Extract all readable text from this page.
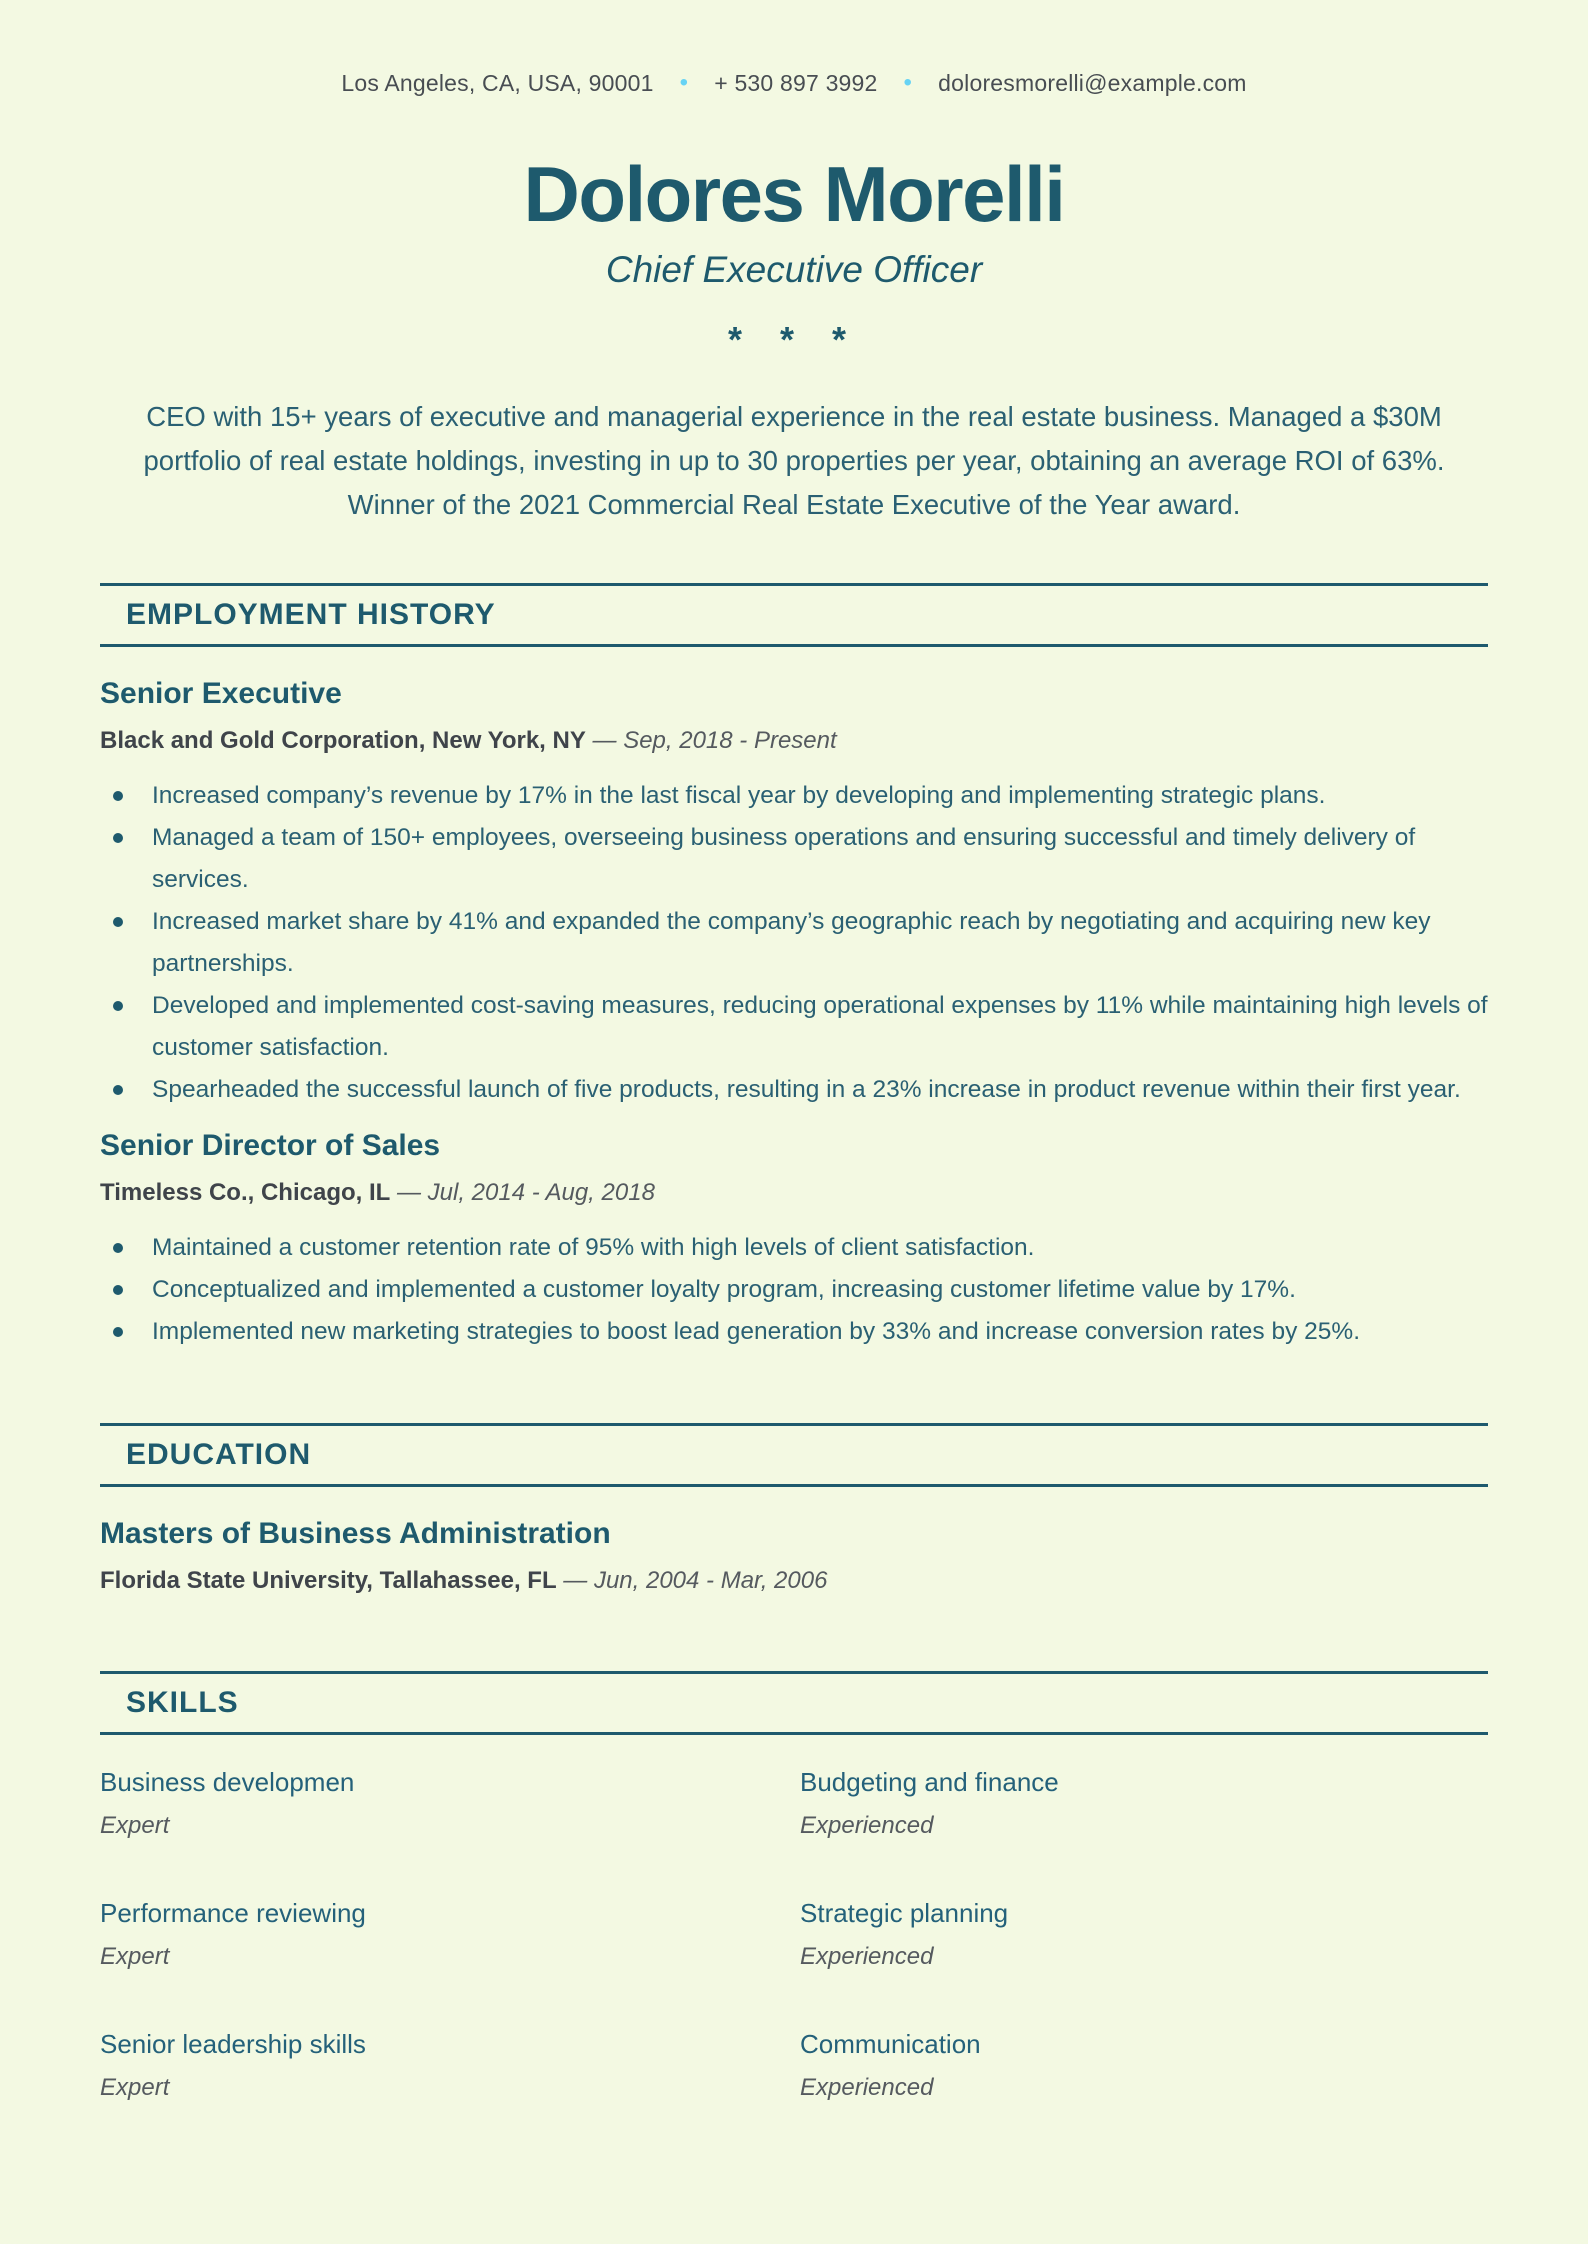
Los Angeles, CA, USA, 90001 • + 530 897 3992 • doloresmorelli@example.com
Dolores Morelli
Chief Executive Officer
* * *

CEO with 15+ years of executive and managerial experience in the real estate business. Managed a $30M portfolio of real estate holdings, investing in up to 30 properties per year, obtaining an average ROI of 63%. Winner of the 2021 Commercial Real Estate Executive of the Year award.

EMPLOYMENT HISTORY
Senior Executive

Black and Gold Corporation, New York, NY — Sep, 2018 - Present

Increased company’s revenue by 17% in the last fiscal year by developing and implementing strategic plans.
Managed a team of 150+ employees, overseeing business operations and ensuring successful and timely delivery of services.
Increased market share by 41% and expanded the company’s geographic reach by negotiating and acquiring new key partnerships.
Developed and implemented cost-saving measures, reducing operational expenses by 11% while maintaining high levels of customer satisfaction.
Spearheaded the successful launch of five products, resulting in a 23% increase in product revenue within their first year.
Senior Director of Sales

Timeless Co., Chicago, IL — Jul, 2014 - Aug, 2018

Maintained a customer retention rate of 95% with high levels of client satisfaction.
Conceptualized and implemented a customer loyalty program, increasing customer lifetime value by 17%.
Implemented new marketing strategies to boost lead generation by 33% and increase conversion rates by 25%.
EDUCATION
Masters of Business Administration

Florida State University, Tallahassee, FL — Jun, 2004 - Mar, 2006

SKILLS
Business developmen
Expert
Budgeting and finance
Experienced
Performance reviewing
Expert
Strategic planning
Experienced
Senior leadership skills
Expert
Communication
Experienced
